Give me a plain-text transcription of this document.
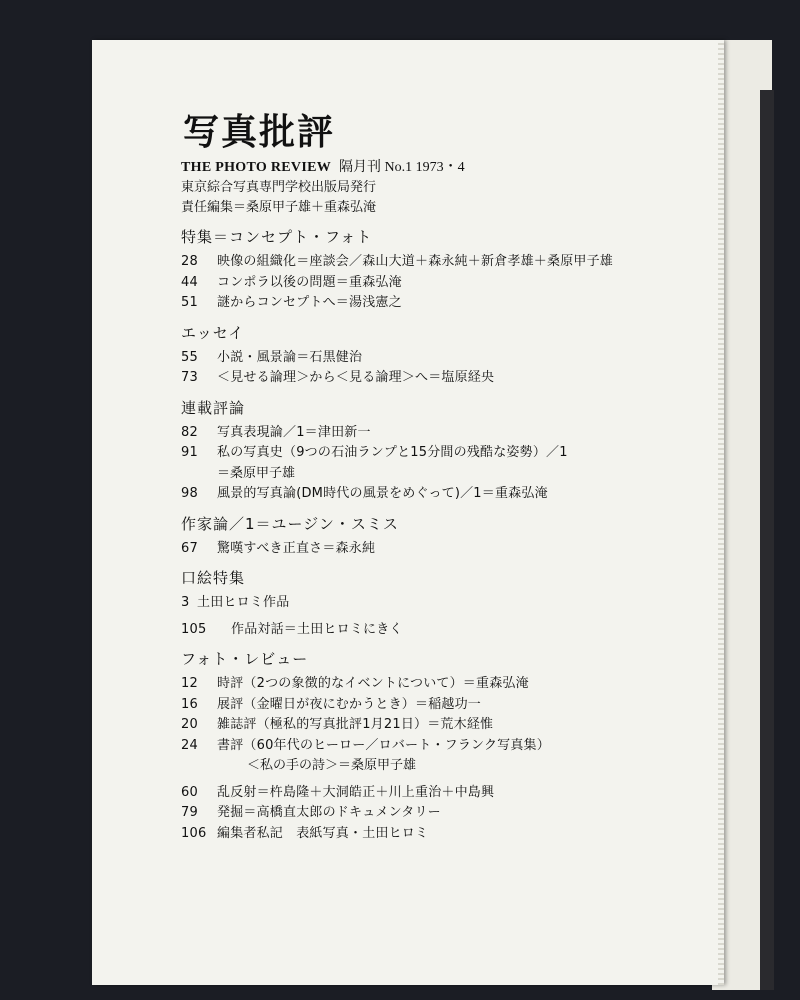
写真批評
THE PHOTO REVIEW 隔月刊 No.1 1973・4
東京綜合写真専門学校出版局発行
責任編集＝桑原甲子雄＋重森弘淹
特集＝コンセプト・フォト
28	映像の組織化＝座談会／森山大道＋森永純＋新倉孝雄＋桑原甲子雄
44	コンポラ以後の問題＝重森弘淹
51	謎からコンセプトへ＝湯浅憲之
エッセイ
55	小説・風景論＝石黒健治
73	＜見せる論理＞から＜見る論理＞へ＝塩原経央
連載評論
82	写真表現論／1＝津田新一
91	私の写真史（9つの石油ランプと15分間の残酷な姿勢）／1
＝桑原甲子雄
98	風景的写真論(DM時代の風景をめぐって)／1＝重森弘淹
作家論／1＝ユージン・スミス
67	驚嘆すべき正直さ＝森永純
口絵特集
3 土田ヒロミ作品
105	作品対話＝土田ヒロミにきく
フォト・レビュー
12	時評（2つの象徴的なイベントについて）＝重森弘淹
16	展評（金曜日が夜にむかうとき）＝稲越功一
20	雑誌評（極私的写真批評1月21日）＝荒木経惟
24	書評（60年代のヒーロー／ロバート・フランク写真集）
＜私の手の詩＞＝桑原甲子雄
60	乱反射＝杵島隆＋大洞皓正＋川上重治＋中島興
79	発掘＝高橋直太郎のドキュメンタリー
106 編集者私記　表紙写真・土田ヒロミ
